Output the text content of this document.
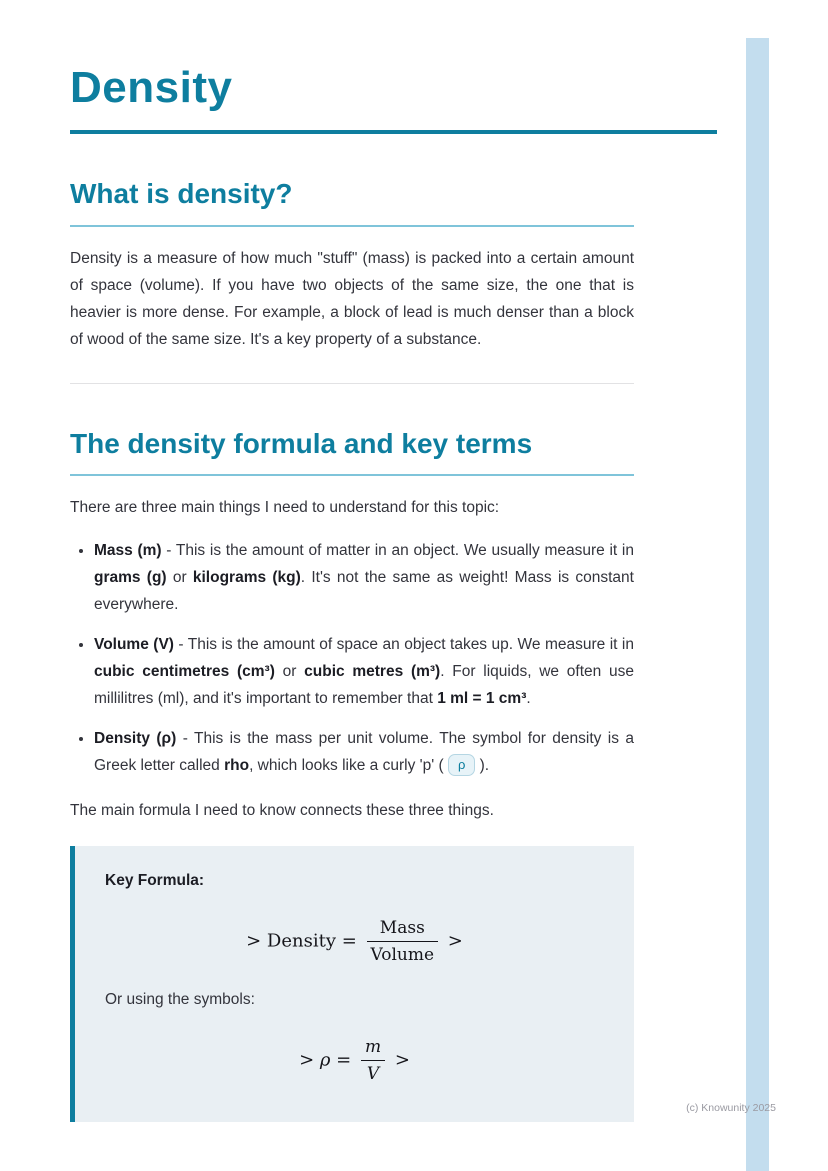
Density
What is density?

Density is a measure of how much "stuff" (mass) is packed into a certain amount of space (volume). If you have two objects of the same size, the one that is heavier is more dense. For example, a block of lead is much denser than a block of wood of the same size. It's a key property of a substance.

The density formula and key terms

There are three main things I need to understand for this topic:

• Mass (m) - This is the amount of matter in an object. We usually measure it in grams (g) or kilograms (kg). It's not the same as weight! Mass is constant everywhere.
• Volume (V) - This is the amount of space an object takes up. We measure it in cubic centimetres (cm³) or cubic metres (m³). For liquids, we often use millilitres (ml), and it's important to remember that 1 ml = 1 cm³.
• Density (ρ) - This is the mass per unit volume. The symbol for density is a Greek letter called rho, which looks like a curly 'p' ( ρ ).

The main formula I need to know connects these three things.

Key Formula:
> Density = $\frac{\text{Mass}}{\text{Volume}}$ >

Or using the symbols:

> $\rho = \frac{m}{V}$ >
(c) Knowunity 2025
